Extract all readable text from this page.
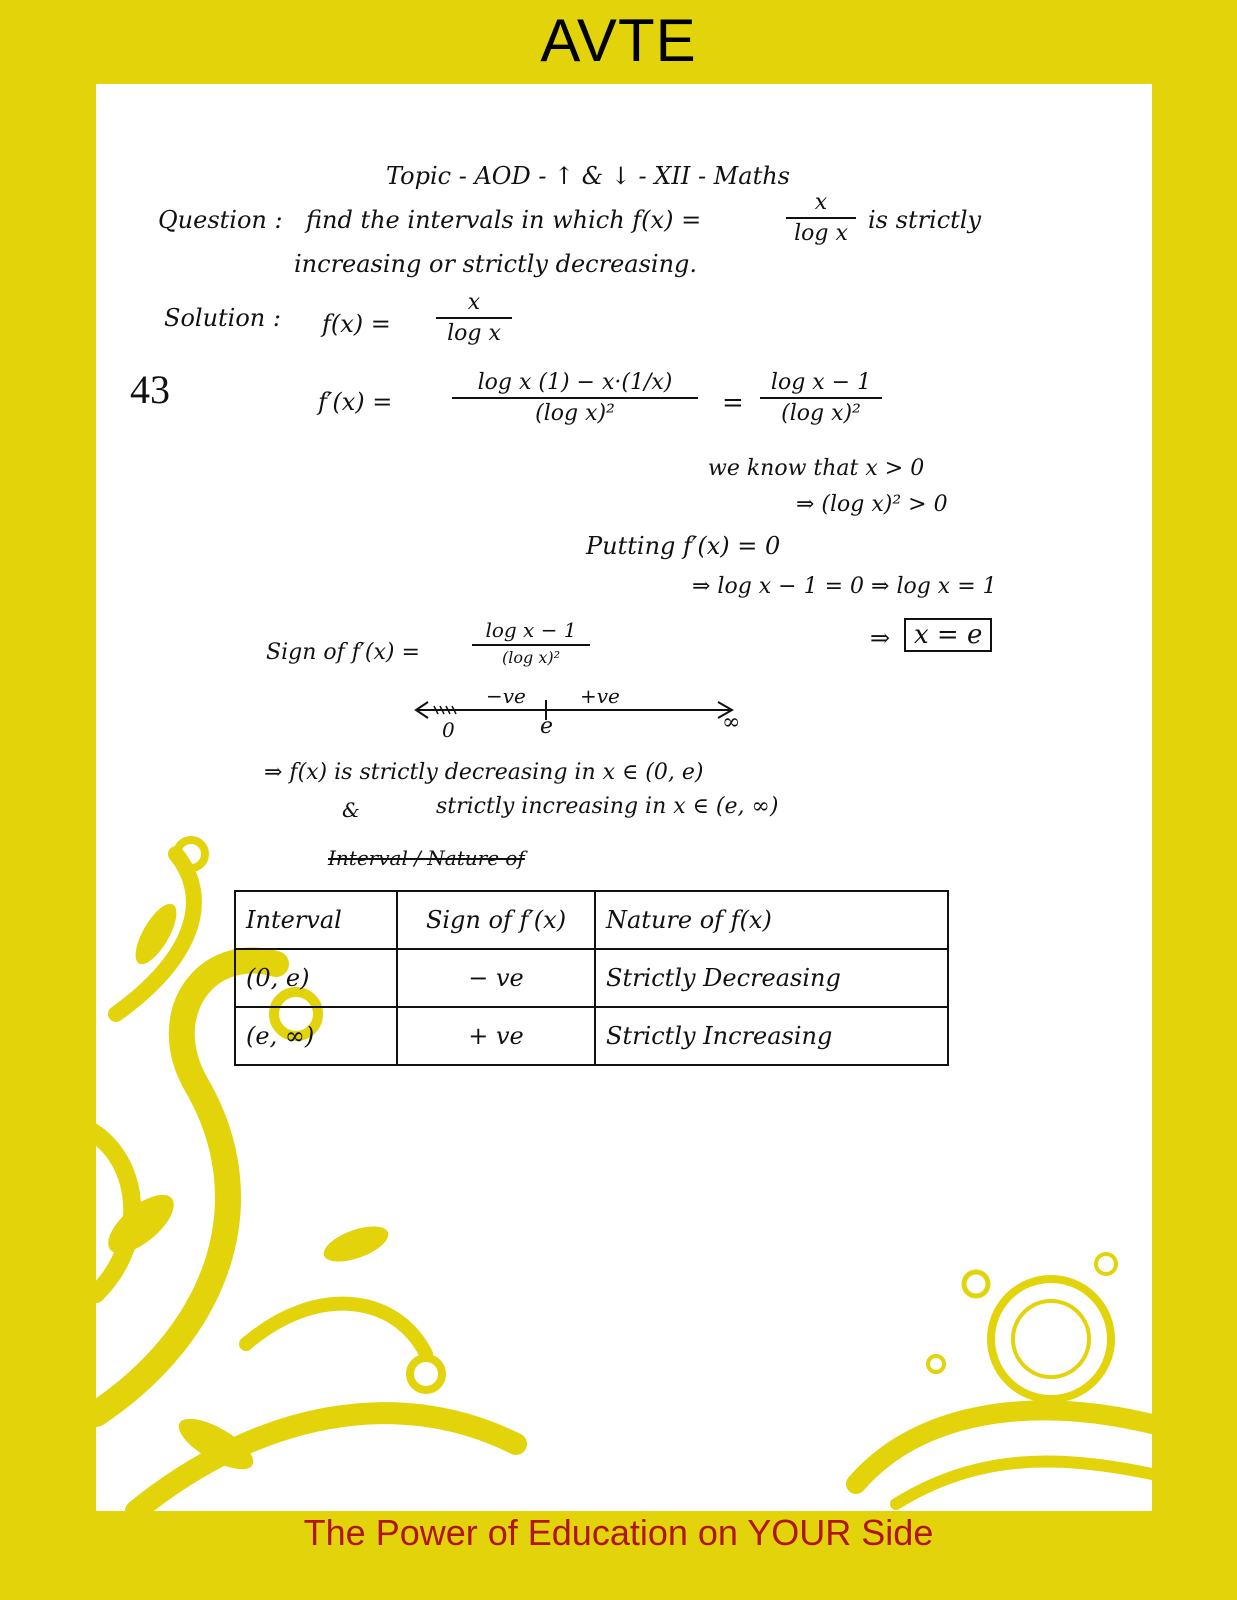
AVTE
Topic - AOD - ↑ & ↓ - XII - Maths
Question : find the intervals in which f(x) =
x
log x is strictly
increasing or strictly decreasing.
Solution : f(x) =
x
log x
43	f′(x) =
log x (1) − x·(1/x)
(log x)²	=
log x − 1
(log x)²
we know that x > 0
⇒ (log x)² > 0
Putting f′(x) = 0
⇒ log x − 1 = 0 ⇒ log x = 1
⇒ x = e
Sign of f′(x) =
log x − 1
(log x)²
−ve	+ve
0	e	∞
⇒ f(x) is strictly decreasing in x ∈ (0, e)
&	strictly increasing in x ∈ (e, ∞)
Interval / Nature of
Interval	Sign of f′(x)	Nature of f(x)
(0, e)	− ve	Strictly Decreasing
(e, ∞)	+ ve	Strictly Increasing
The Power of Education on YOUR Side
